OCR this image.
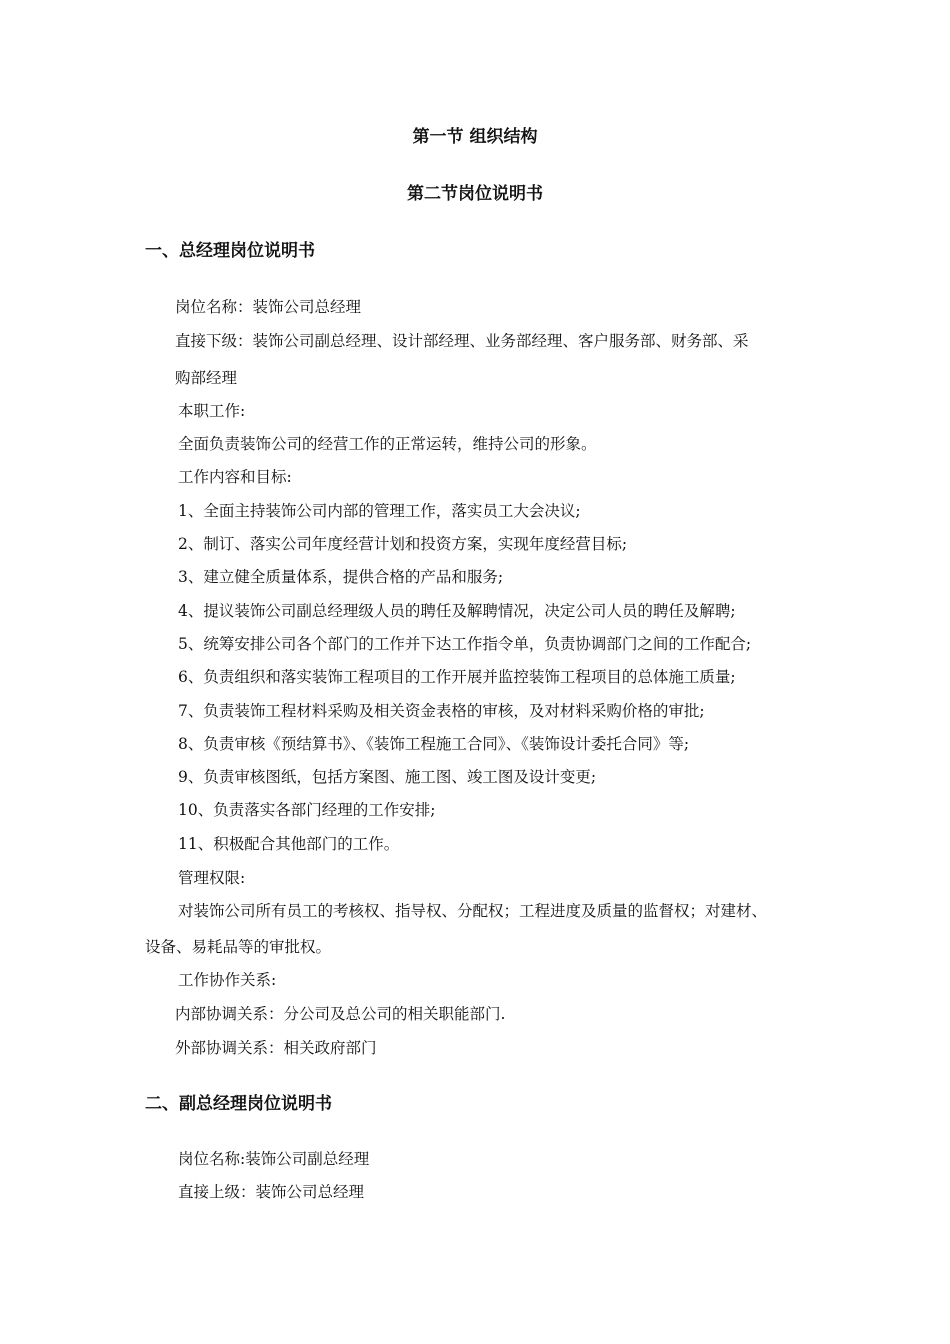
第一节 组织结构
第二节岗位说明书
一、总经理岗位说明书
岗位名称：装饰公司总经理
直接下级：装饰公司副总经理、设计部经理、业务部经理、客户服务部、财务部、采
购部经理
本职工作:
全面负责装饰公司的经营工作的正常运转，维持公司的形象。
工作内容和目标:
1、全面主持装饰公司内部的管理工作，落实员工大会决议;
2、制订、落实公司年度经营计划和投资方案，实现年度经营目标;
3、建立健全质量体系，提供合格的产品和服务;
4、提议装饰公司副总经理级人员的聘任及解聘情况，决定公司人员的聘任及解聘;
5、统筹安排公司各个部门的工作并下达工作指令单，负责协调部门之间的工作配合;
6、负责组织和落实装饰工程项目的工作开展并监控装饰工程项目的总体施工质量;
7、负责装饰工程材料采购及相关资金表格的审核，及对材料采购价格的审批;
8、负责审核《预结算书》、《装饰工程施工合同》、《装饰设计委托合同》等;
9、负责审核图纸，包括方案图、施工图、竣工图及设计变更;
10、负责落实各部门经理的工作安排;
11、积极配合其他部门的工作。
管理权限:
对装饰公司所有员工的考核权、指导权、分配权；工程进度及质量的监督权；对建材、
设备、易耗品等的审批权。
工作协作关系:
内部协调关系：分公司及总公司的相关职能部门.
外部协调关系：相关政府部门
二、副总经理岗位说明书
岗位名称:装饰公司副总经理
直接上级：装饰公司总经理
